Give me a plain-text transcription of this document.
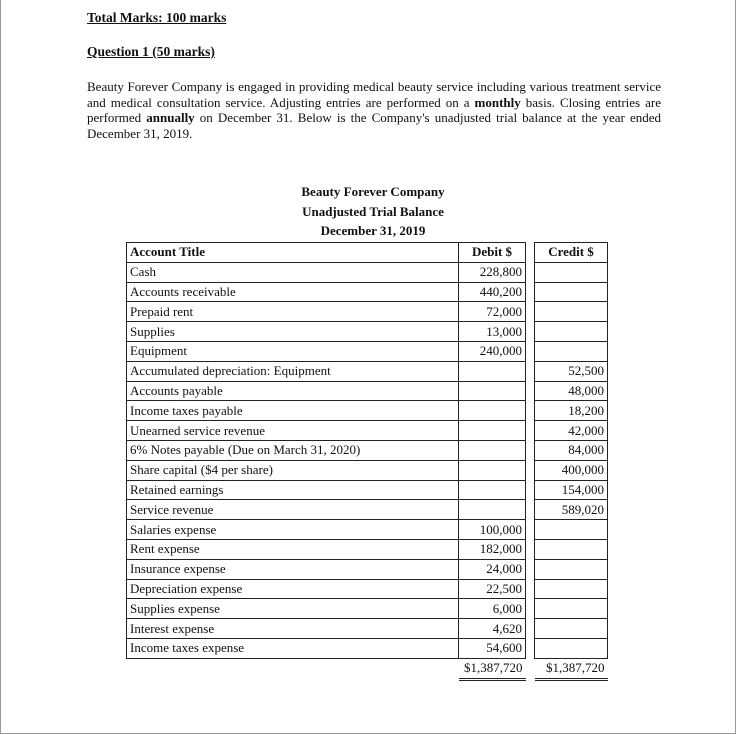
Total Marks: 100 marks
Question 1 (50 marks)

Beauty Forever Company is engaged in providing medical beauty service including various treatment service and medical consultation service. Adjusting entries are performed on a monthly basis. Closing entries are performed annually on December 31. Below is the Company's unadjusted trial balance at the year ended December 31, 2019.

Beauty Forever Company
Unadjusted Trial Balance
December 31, 2019
Account Title	Debit $		Credit $
Cash	228,800		
Accounts receivable	440,200		
Prepaid rent	72,000		
Supplies	13,000		
Equipment	240,000		
Accumulated depreciation: Equipment			52,500
Accounts payable			48,000
Income taxes payable			18,200
Unearned service revenue			42,000
6% Notes payable (Due on March 31, 2020)			84,000
Share capital ($4 per share)			400,000
Retained earnings			154,000
Service revenue			589,020
Salaries expense	100,000		
Rent expense	182,000		
Insurance expense	24,000		
Depreciation expense	22,500		
Supplies expense	6,000		
Interest expense	4,620		
Income taxes expense	54,600		
	$1,387,720		$1,387,720
